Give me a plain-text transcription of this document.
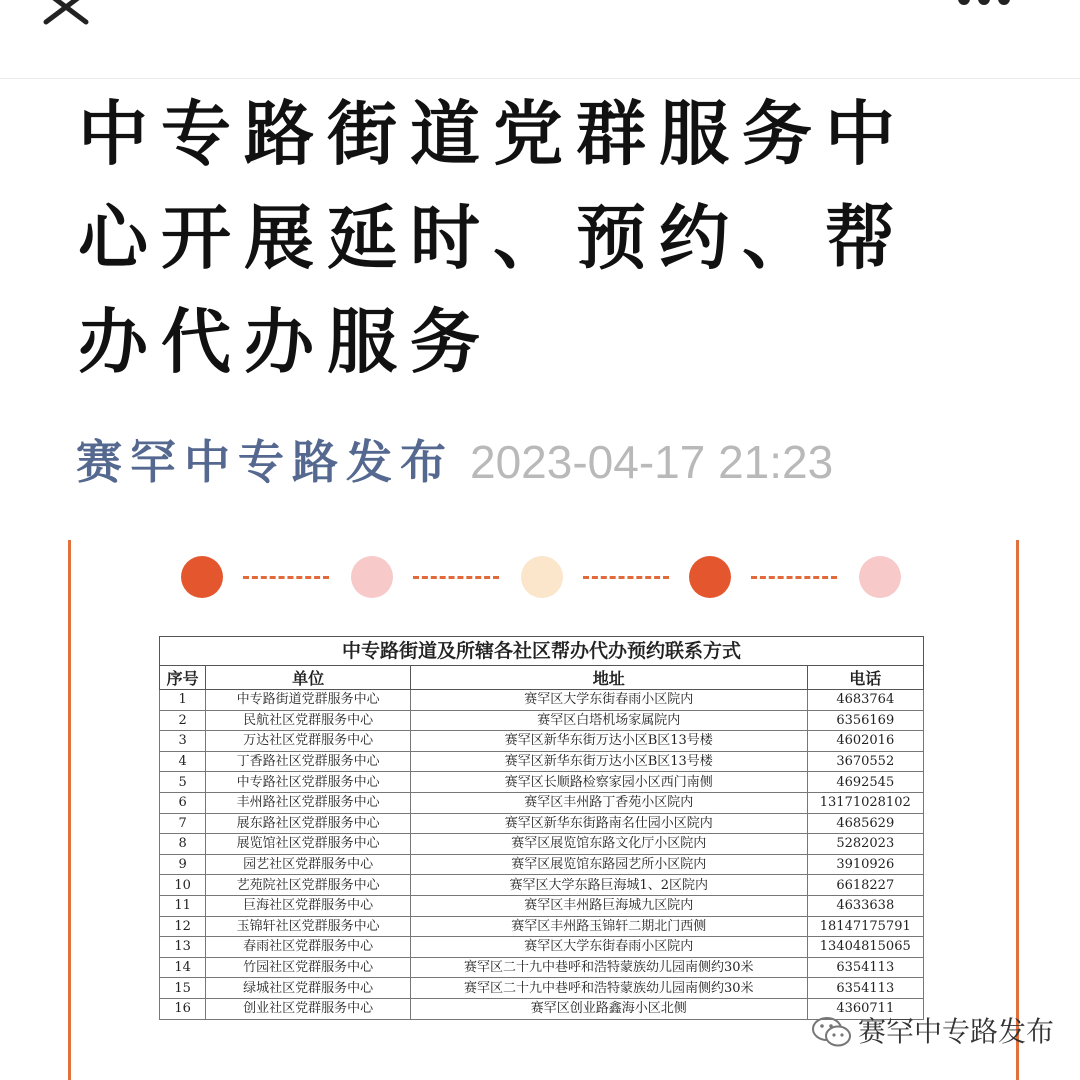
中专路街道党群服务中心开展延时、预约、帮办代办服务
赛罕中专路发布 2023-04-17 21:23
中专路街道及所辖各社区帮办代办预约联系方式
序号	单位	地址	电话
1	中专路街道党群服务中心	赛罕区大学东街春雨小区院内	4683764
2	民航社区党群服务中心	赛罕区白塔机场家属院内	6356169
3	万达社区党群服务中心	赛罕区新华东街万达小区B区13号楼	4602016
4	丁香路社区党群服务中心	赛罕区新华东街万达小区B区13号楼	3670552
5	中专路社区党群服务中心	赛罕区长顺路检察家园小区西门南侧	4692545
6	丰州路社区党群服务中心	赛罕区丰州路丁香苑小区院内	13171028102
7	展东路社区党群服务中心	赛罕区新华东街路南名仕园小区院内	4685629
8	展览馆社区党群服务中心	赛罕区展览馆东路文化厅小区院内	5282023
9	园艺社区党群服务中心	赛罕区展览馆东路园艺所小区院内	3910926
10	艺苑院社区党群服务中心	赛罕区大学东路巨海城1、2区院内	6618227
11	巨海社区党群服务中心	赛罕区丰州路巨海城九区院内	4633638
12	玉锦轩社区党群服务中心	赛罕区丰州路玉锦轩二期北门西侧	18147175791
13	春雨社区党群服务中心	赛罕区大学东街春雨小区院内	13404815065
14	竹园社区党群服务中心	赛罕区二十九中巷呼和浩特蒙族幼儿园南侧约30米	6354113
15	绿城社区党群服务中心	赛罕区二十九中巷呼和浩特蒙族幼儿园南侧约30米	6354113
16	创业社区党群服务中心	赛罕区创业路鑫海小区北侧	4360711
赛罕中专路发布
